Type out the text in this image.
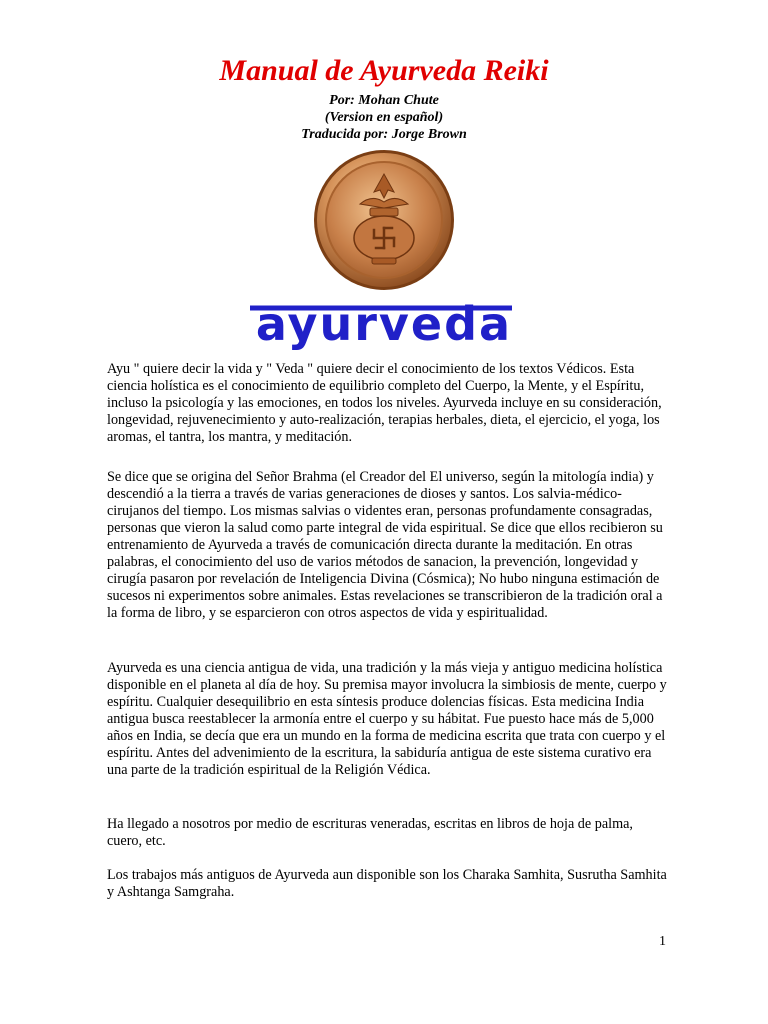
Manual de Ayurveda Reiki
Por: Mohan Chute
(Version en español)
Traducida por: Jorge Brown
ayurveda

Ayu " quiere decir la vida y " Veda " quiere decir el conocimiento de los textos Védicos. Esta ciencia holística es el conocimiento de equilibrio completo del Cuerpo, la Mente, y el Espíritu, incluso la psicología y las emociones, en todos los niveles. Ayurveda incluye en su consideración, longevidad, rejuvenecimiento y auto-realización, terapias herbales, dieta, el ejercicio, el yoga, los aromas, el tantra, los mantra, y meditación.

Se dice que se origina del Señor Brahma (el Creador del El universo, según la mitología india) y descendió a la tierra a través de varias generaciones de dioses y santos. Los salvia-médico-cirujanos del tiempo. Los mismas salvias o videntes eran, personas profundamente consagradas, personas que vieron la salud como parte integral de vida espiritual. Se dice que ellos recibieron su entrenamiento de Ayurveda a través de comunicación directa durante la meditación. En otras palabras, el conocimiento del uso de varios métodos de sanacion, la prevención, longevidad y cirugía pasaron por revelación de Inteligencia Divina (Cósmica); No hubo ninguna estimación de sucesos ni experimentos sobre animales. Estas revelaciones se transcribieron de la tradición oral a la forma de libro, y se esparcieron con otros aspectos de vida y espiritualidad.

Ayurveda es una ciencia antigua de vida, una tradición y la más vieja y antiguo medicina holística disponible en el planeta al día de hoy. Su premisa mayor involucra la simbiosis de mente, cuerpo y espíritu. Cualquier desequilibrio en esta síntesis produce dolencias físicas. Esta medicina India antigua busca reestablecer la armonía entre el cuerpo y su hábitat. Fue puesto hace más de 5,000 años en India, se decía que era un mundo en la forma de medicina escrita que trata con cuerpo y el espíritu. Antes del advenimiento de la escritura, la sabiduría antigua de este sistema curativo era una parte de la tradición espiritual de la Religión Védica.

Ha llegado a nosotros por medio de escrituras veneradas, escritas en libros de hoja de palma, cuero, etc.

Los trabajos más antiguos de Ayurveda aun disponible son los Charaka Samhita, Susrutha Samhita y Ashtanga Samgraha.

1
